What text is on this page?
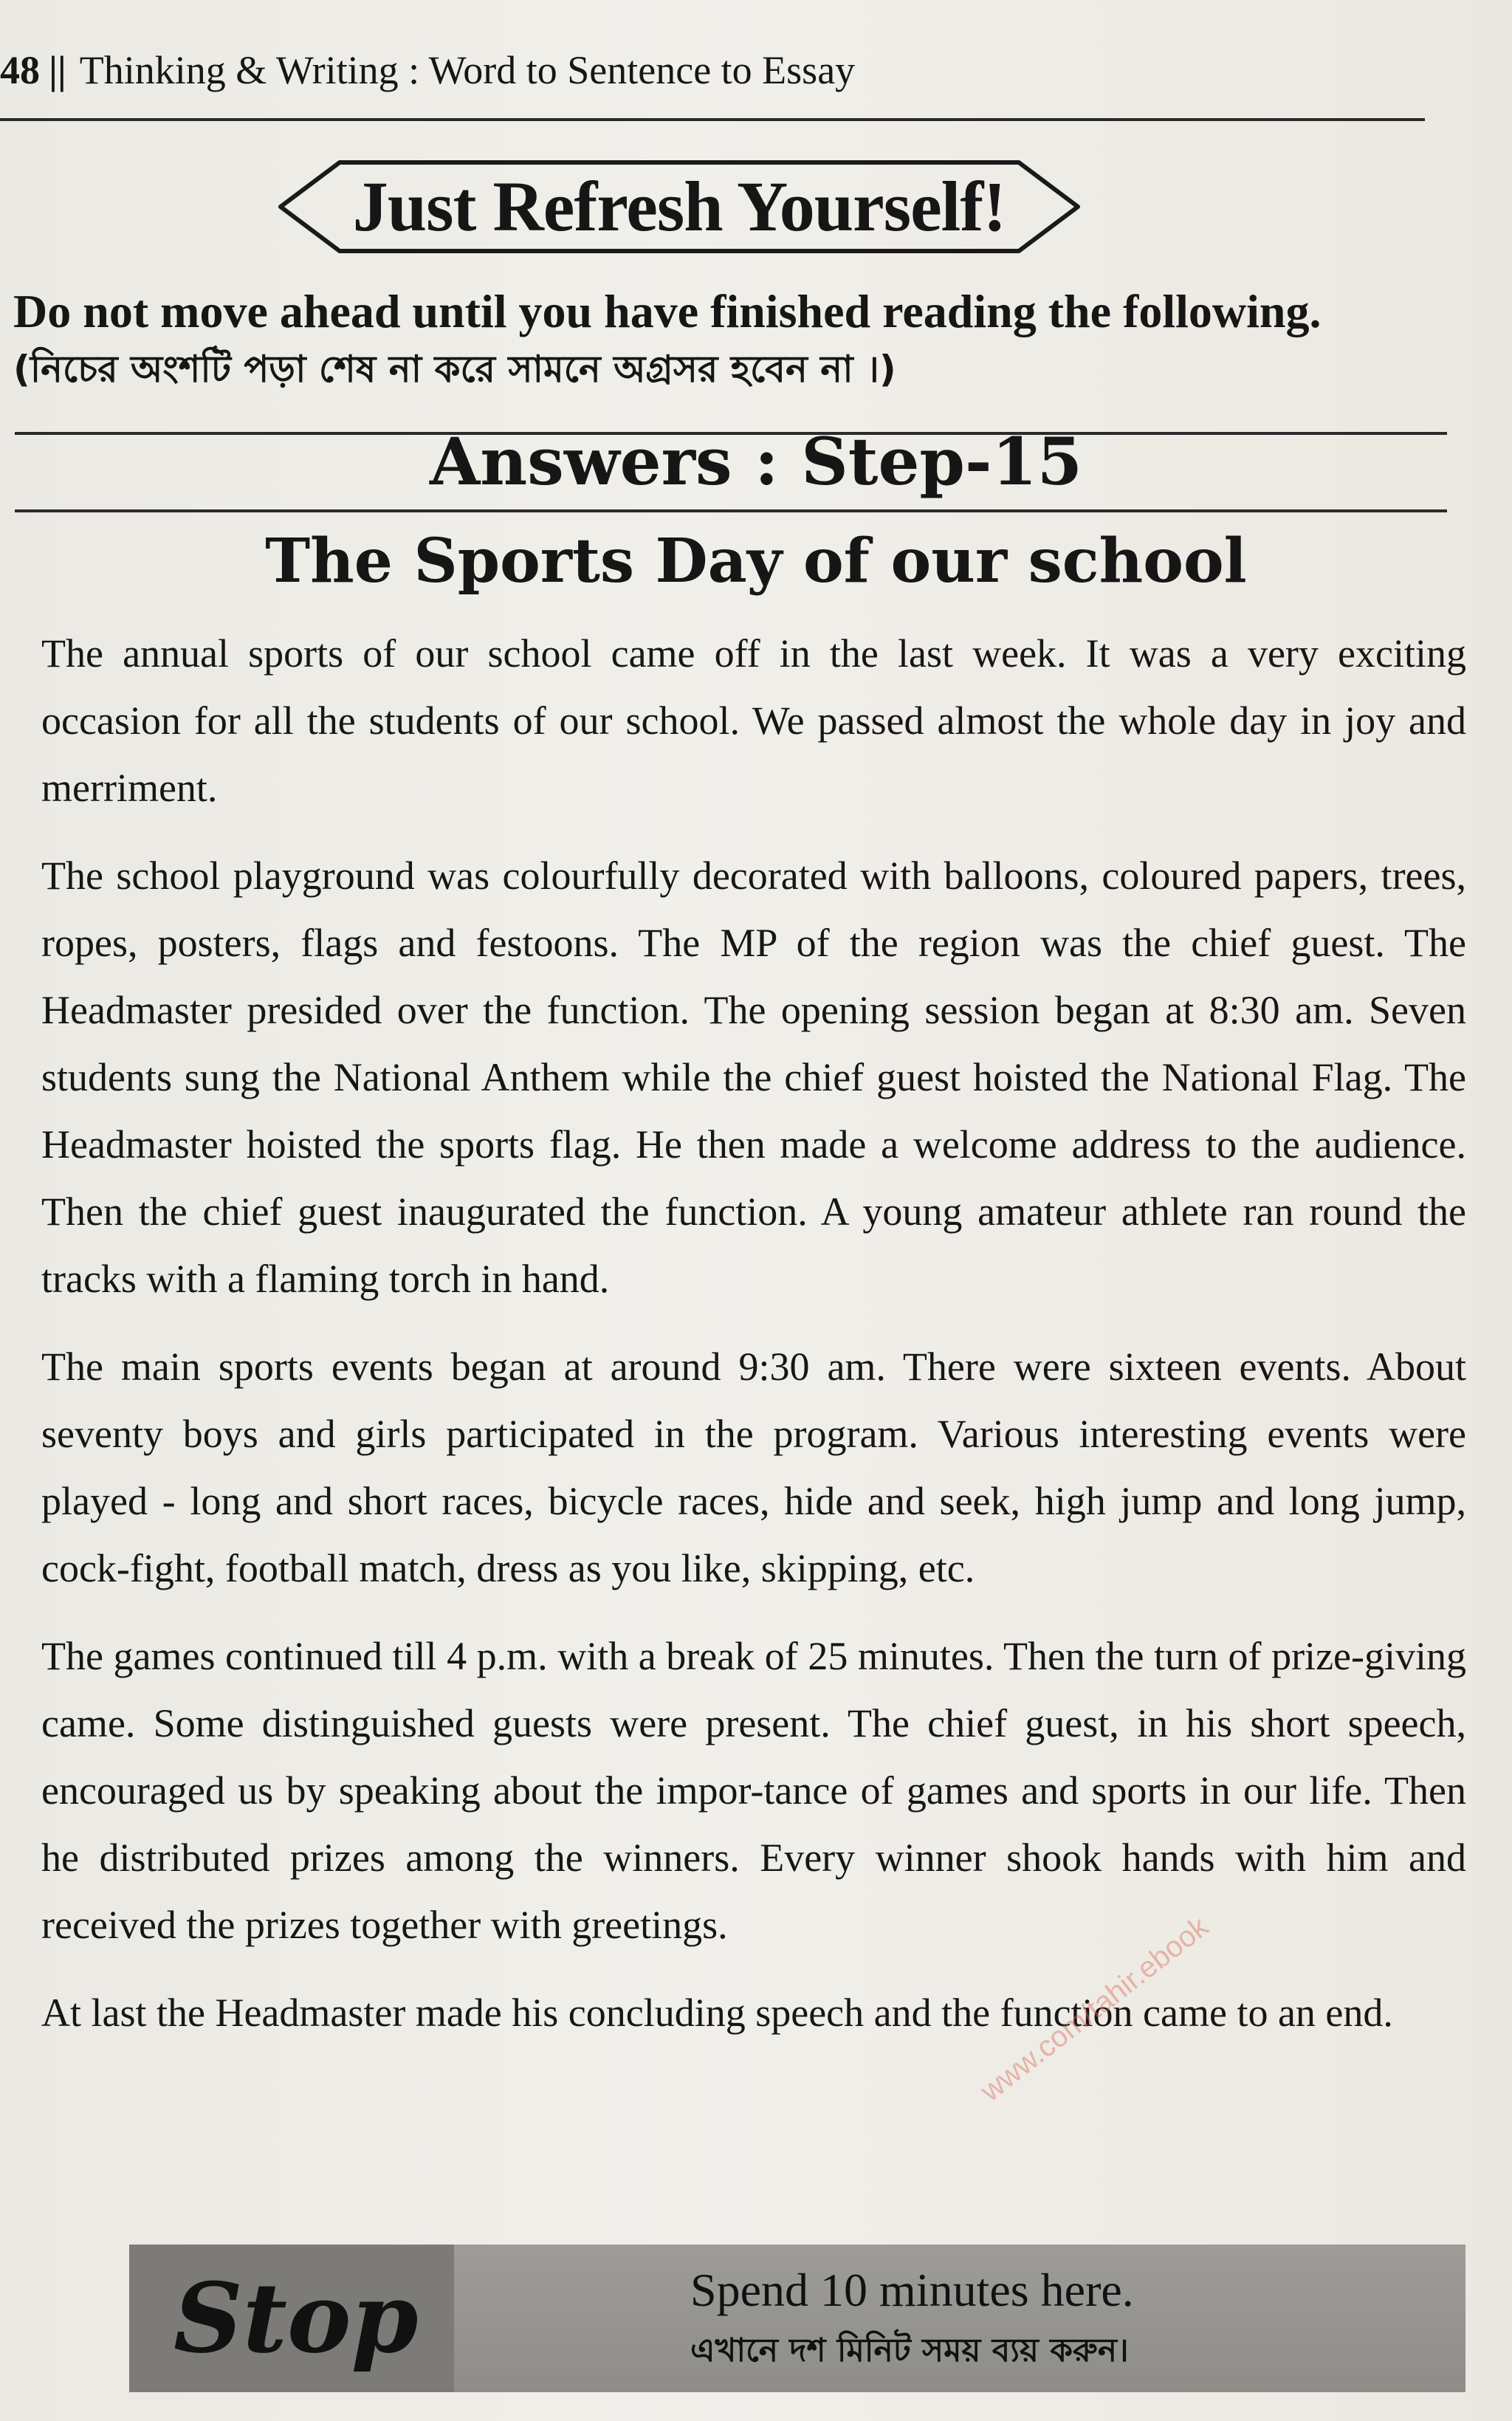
48 || Thinking & Writing : Word to Sentence to Essay
Just Refresh Yourself!
Do not move ahead until you have finished reading the following.
(নিচের অংশটি পড়া শেষ না করে সামনে অগ্রসর হবেন না ।)
Answers : Step-15
The Sports Day of our school

The annual sports of our school came off in the last week. It was a very exciting occasion for all the students of our school. We passed almost the whole day in joy and merriment.

The school playground was colourfully decorated with balloons, coloured papers, trees, ropes, posters, flags and festoons. The MP of the region was the chief guest. The Headmaster presided over the function. The opening session began at 8:30 am. Seven students sung the National Anthem while the chief guest hoisted the National Flag. The Headmaster hoisted the sports flag. He then made a welcome address to the audience. Then the chief guest inaugurated the function. A young amateur athlete ran round the tracks with a flaming torch in hand.

The main sports events began at around 9:30 am. There were sixteen events. About seventy boys and girls participated in the program. Various interesting events were played - long and short races, bicycle races, hide and seek, high jump and long jump, cock-fight, football match, dress as you like, skipping, etc.

The games continued till 4 p.m. with a break of 25 minutes. Then the turn of prize-giving came. Some distinguished guests were present. The chief guest, in his short speech, encouraged us by speaking about the impor-tance of games and sports in our life. Then he distributed prizes among the winners. Every winner shook hands with him and received the prizes together with greetings.

At last the Headmaster made his concluding speech and the function came to an end.

www.com/tahir.ebook
Stop	Spend 10 minutes here.
এখানে দশ মিনিট সময় ব্যয় করুন।
